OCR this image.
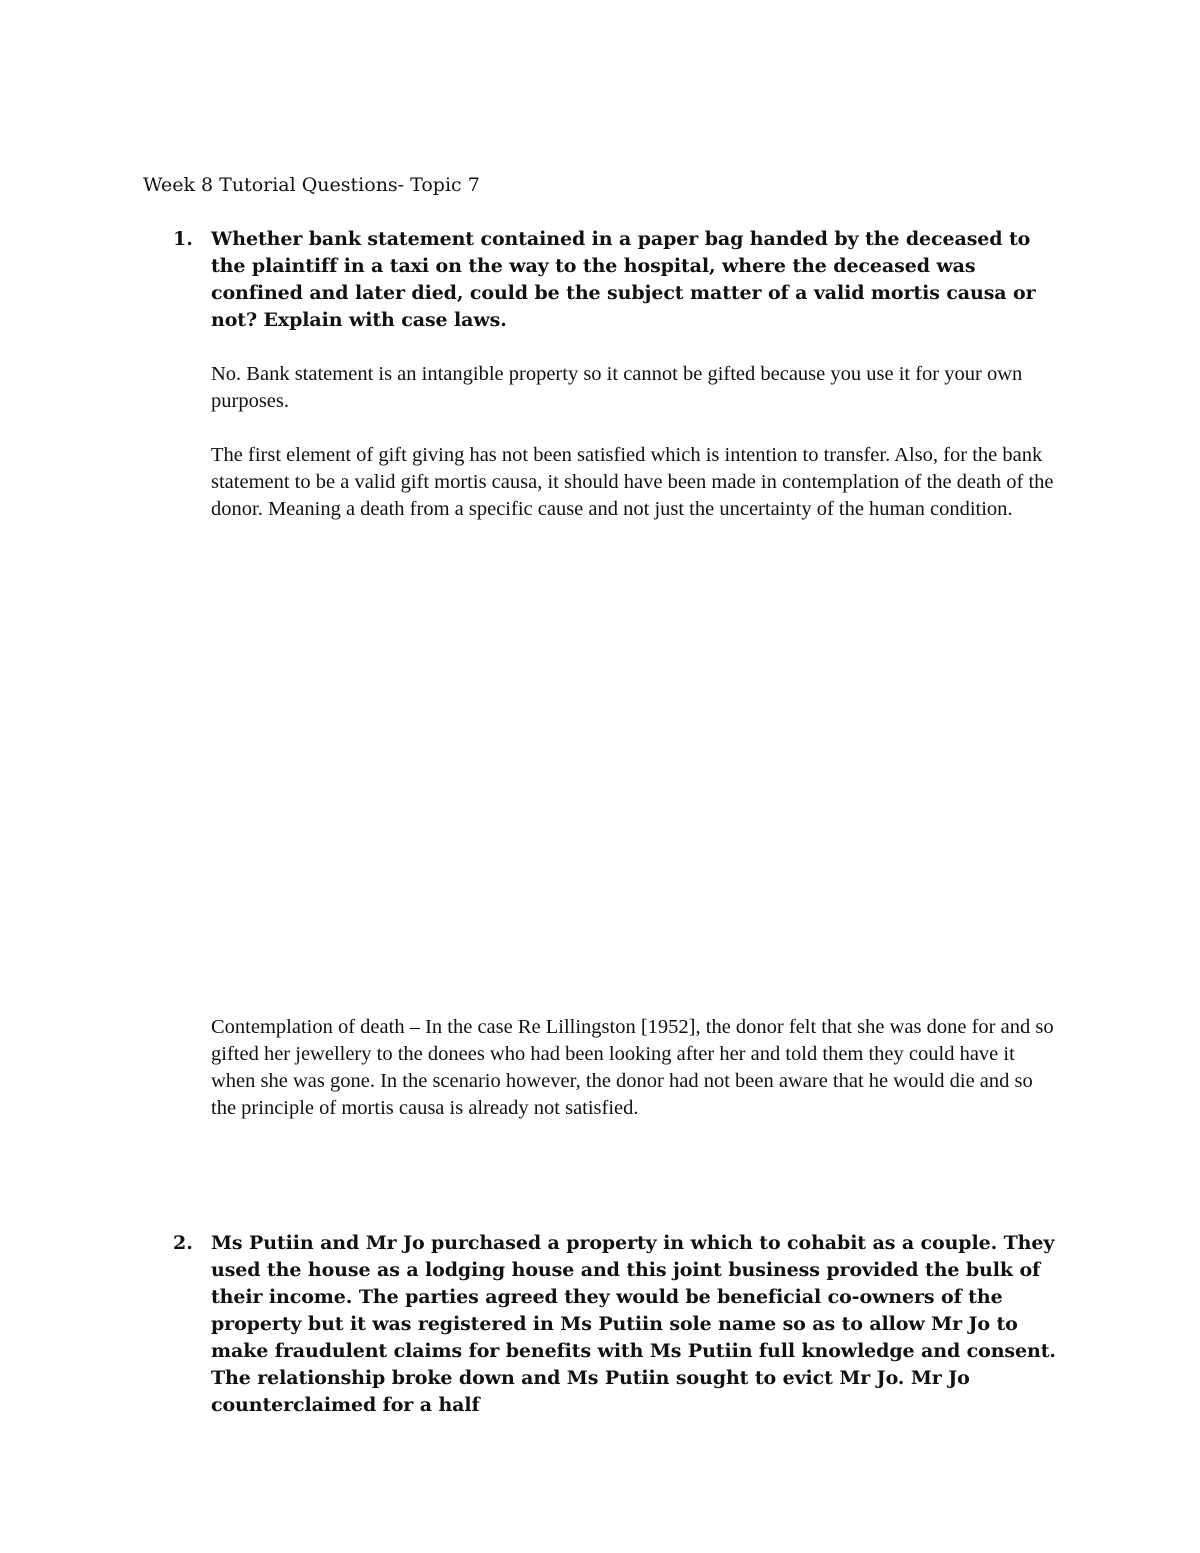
Week 8 Tutorial Questions- Topic 7
1. Whether bank statement contained in a paper bag handed by the deceased to the plaintiff in a taxi on the way to the hospital, where the deceased was confined and later died, could be the subject matter of a valid mortis causa or not? Explain with case laws.
No. Bank statement is an intangible property so it cannot be gifted because you use it for your own purposes.
The first element of gift giving has not been satisfied which is intention to transfer. Also, for the bank statement to be a valid gift mortis causa, it should have been made in contemplation of the death of the donor. Meaning a death from a specific cause and not just the uncertainty of the human condition.
Contemplation of death – In the case Re Lillingston [1952], the donor felt that she was done for and so gifted her jewellery to the donees who had been looking after her and told them they could have it when she was gone. In the scenario however, the donor had not been aware that he would die and so the principle of mortis causa is already not satisfied.
2. Ms Putiin and Mr Jo purchased a property in which to cohabit as a couple. They used the house as a lodging house and this joint business provided the bulk of their income. The parties agreed they would be beneficial co-owners of the property but it was registered in Ms Putiin sole name so as to allow Mr Jo to make fraudulent claims for benefits with Ms Putiin full knowledge and consent. The relationship broke down and Ms Putiin sought to evict Mr Jo. Mr Jo counterclaimed for a half
